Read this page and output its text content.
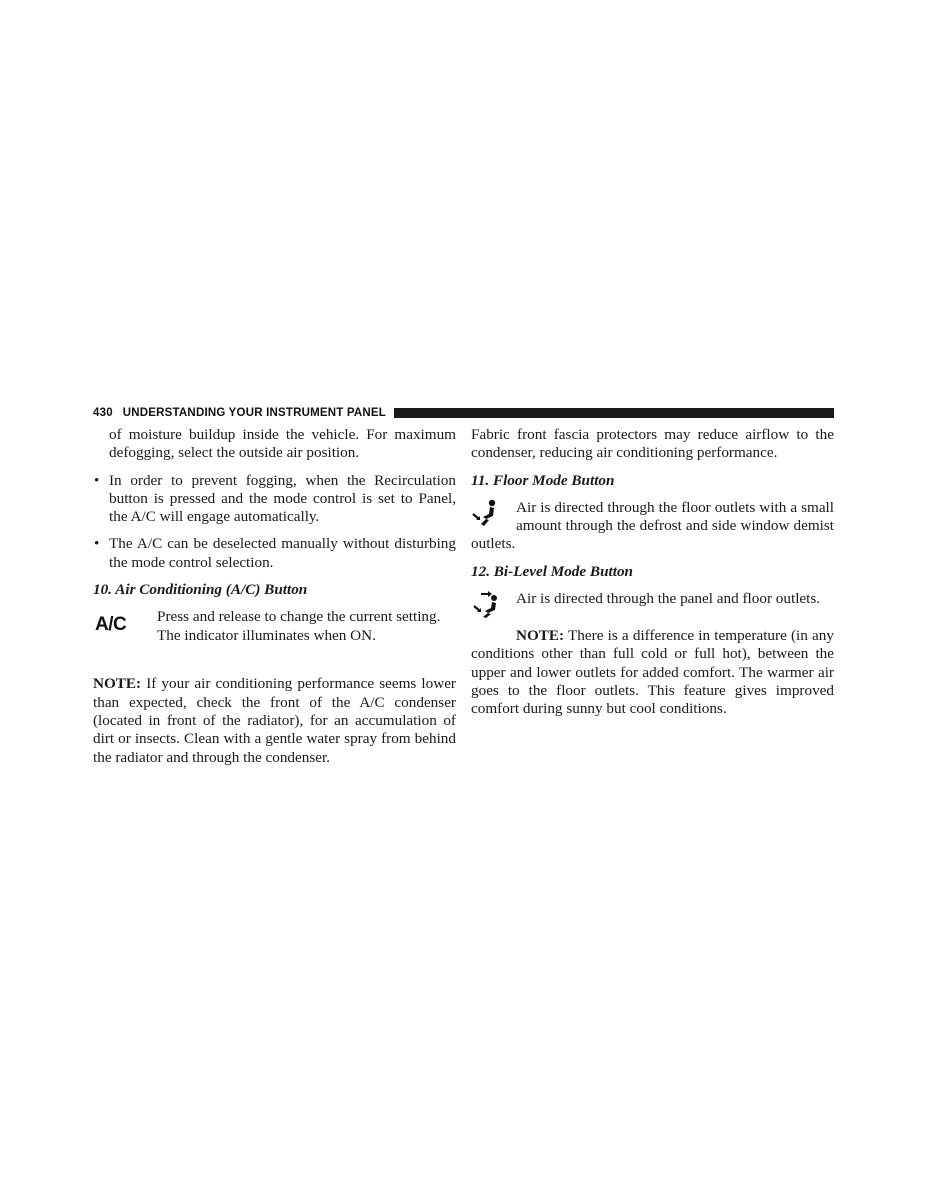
430 UNDERSTANDING YOUR INSTRUMENT PANEL

of moisture buildup inside the vehicle. For maximum defogging, select the outside air position.

• In order to prevent fogging, when the Recirculation button is pressed and the mode control is set to Panel, the A/C will engage automatically.

• The A/C can be deselected manually without disturbing the mode control selection.

10. Air Conditioning (A/C) Button
A/C Press and release to change the current setting. The indicator illuminates when ON.

NOTE: If your air conditioning performance seems lower than expected, check the front of the A/C condenser (located in front of the radiator), for an accumulation of dirt or insects. Clean with a gentle water spray from behind the radiator and through the condenser.

Fabric front fascia protectors may reduce airflow to the condenser, reducing air conditioning performance.

11. Floor Mode Button

Air is directed through the floor outlets with a small amount through the defrost and side window demist outlets.

12. Bi-Level Mode Button

Air is directed through the panel and floor outlets.

NOTE: There is a difference in temperature (in any conditions other than full cold or full hot), between the upper and lower outlets for added comfort. The warmer air goes to the floor outlets. This feature gives improved comfort during sunny but cool conditions.
